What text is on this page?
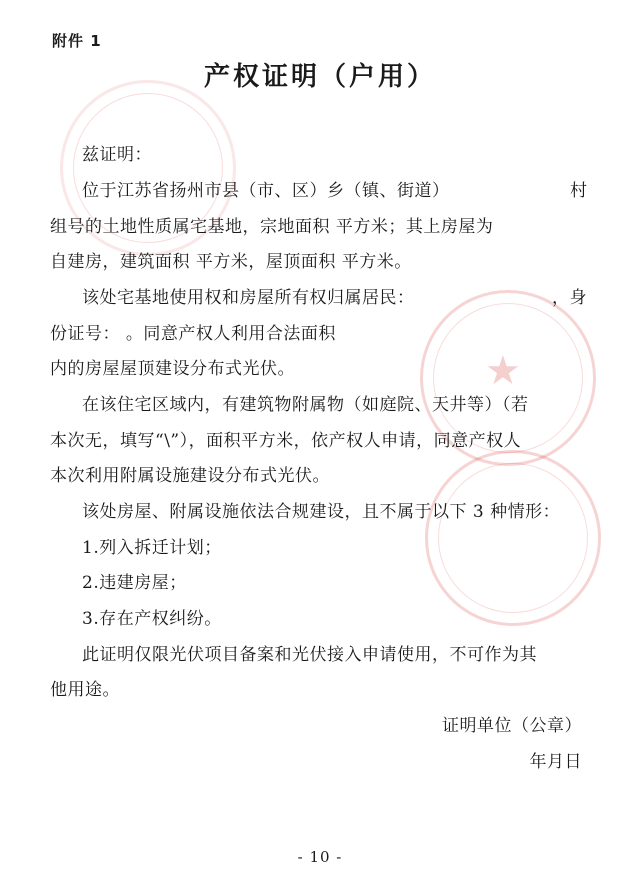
★
附件 1
产权证明（户用）
兹证明：
位于江苏省扬州市县（市、区）乡（镇、街道）	村
组号的土地性质属宅基地，宗地面积 平方米；其上房屋为
自建房，建筑面积 平方米，屋顶面积 平方米。
该处宅基地使用权和房屋所有权归属居民：	，身
份证号： 。同意产权人利用合法面积
内的房屋屋顶建设分布式光伏。
在该住宅区域内，有建筑物附属物（如庭院、天井等）（若
本次无，填写“\”），面积平方米，依产权人申请，同意产权人
本次利用附属设施建设分布式光伏。
该处房屋、附属设施依法合规建设，且不属于以下 3 种情形：
1.列入拆迁计划；
2.违建房屋；
3.存在产权纠纷。
此证明仅限光伏项目备案和光伏接入申请使用，不可作为其
他用途。
证明单位（公章）
年月日
- 10 -
